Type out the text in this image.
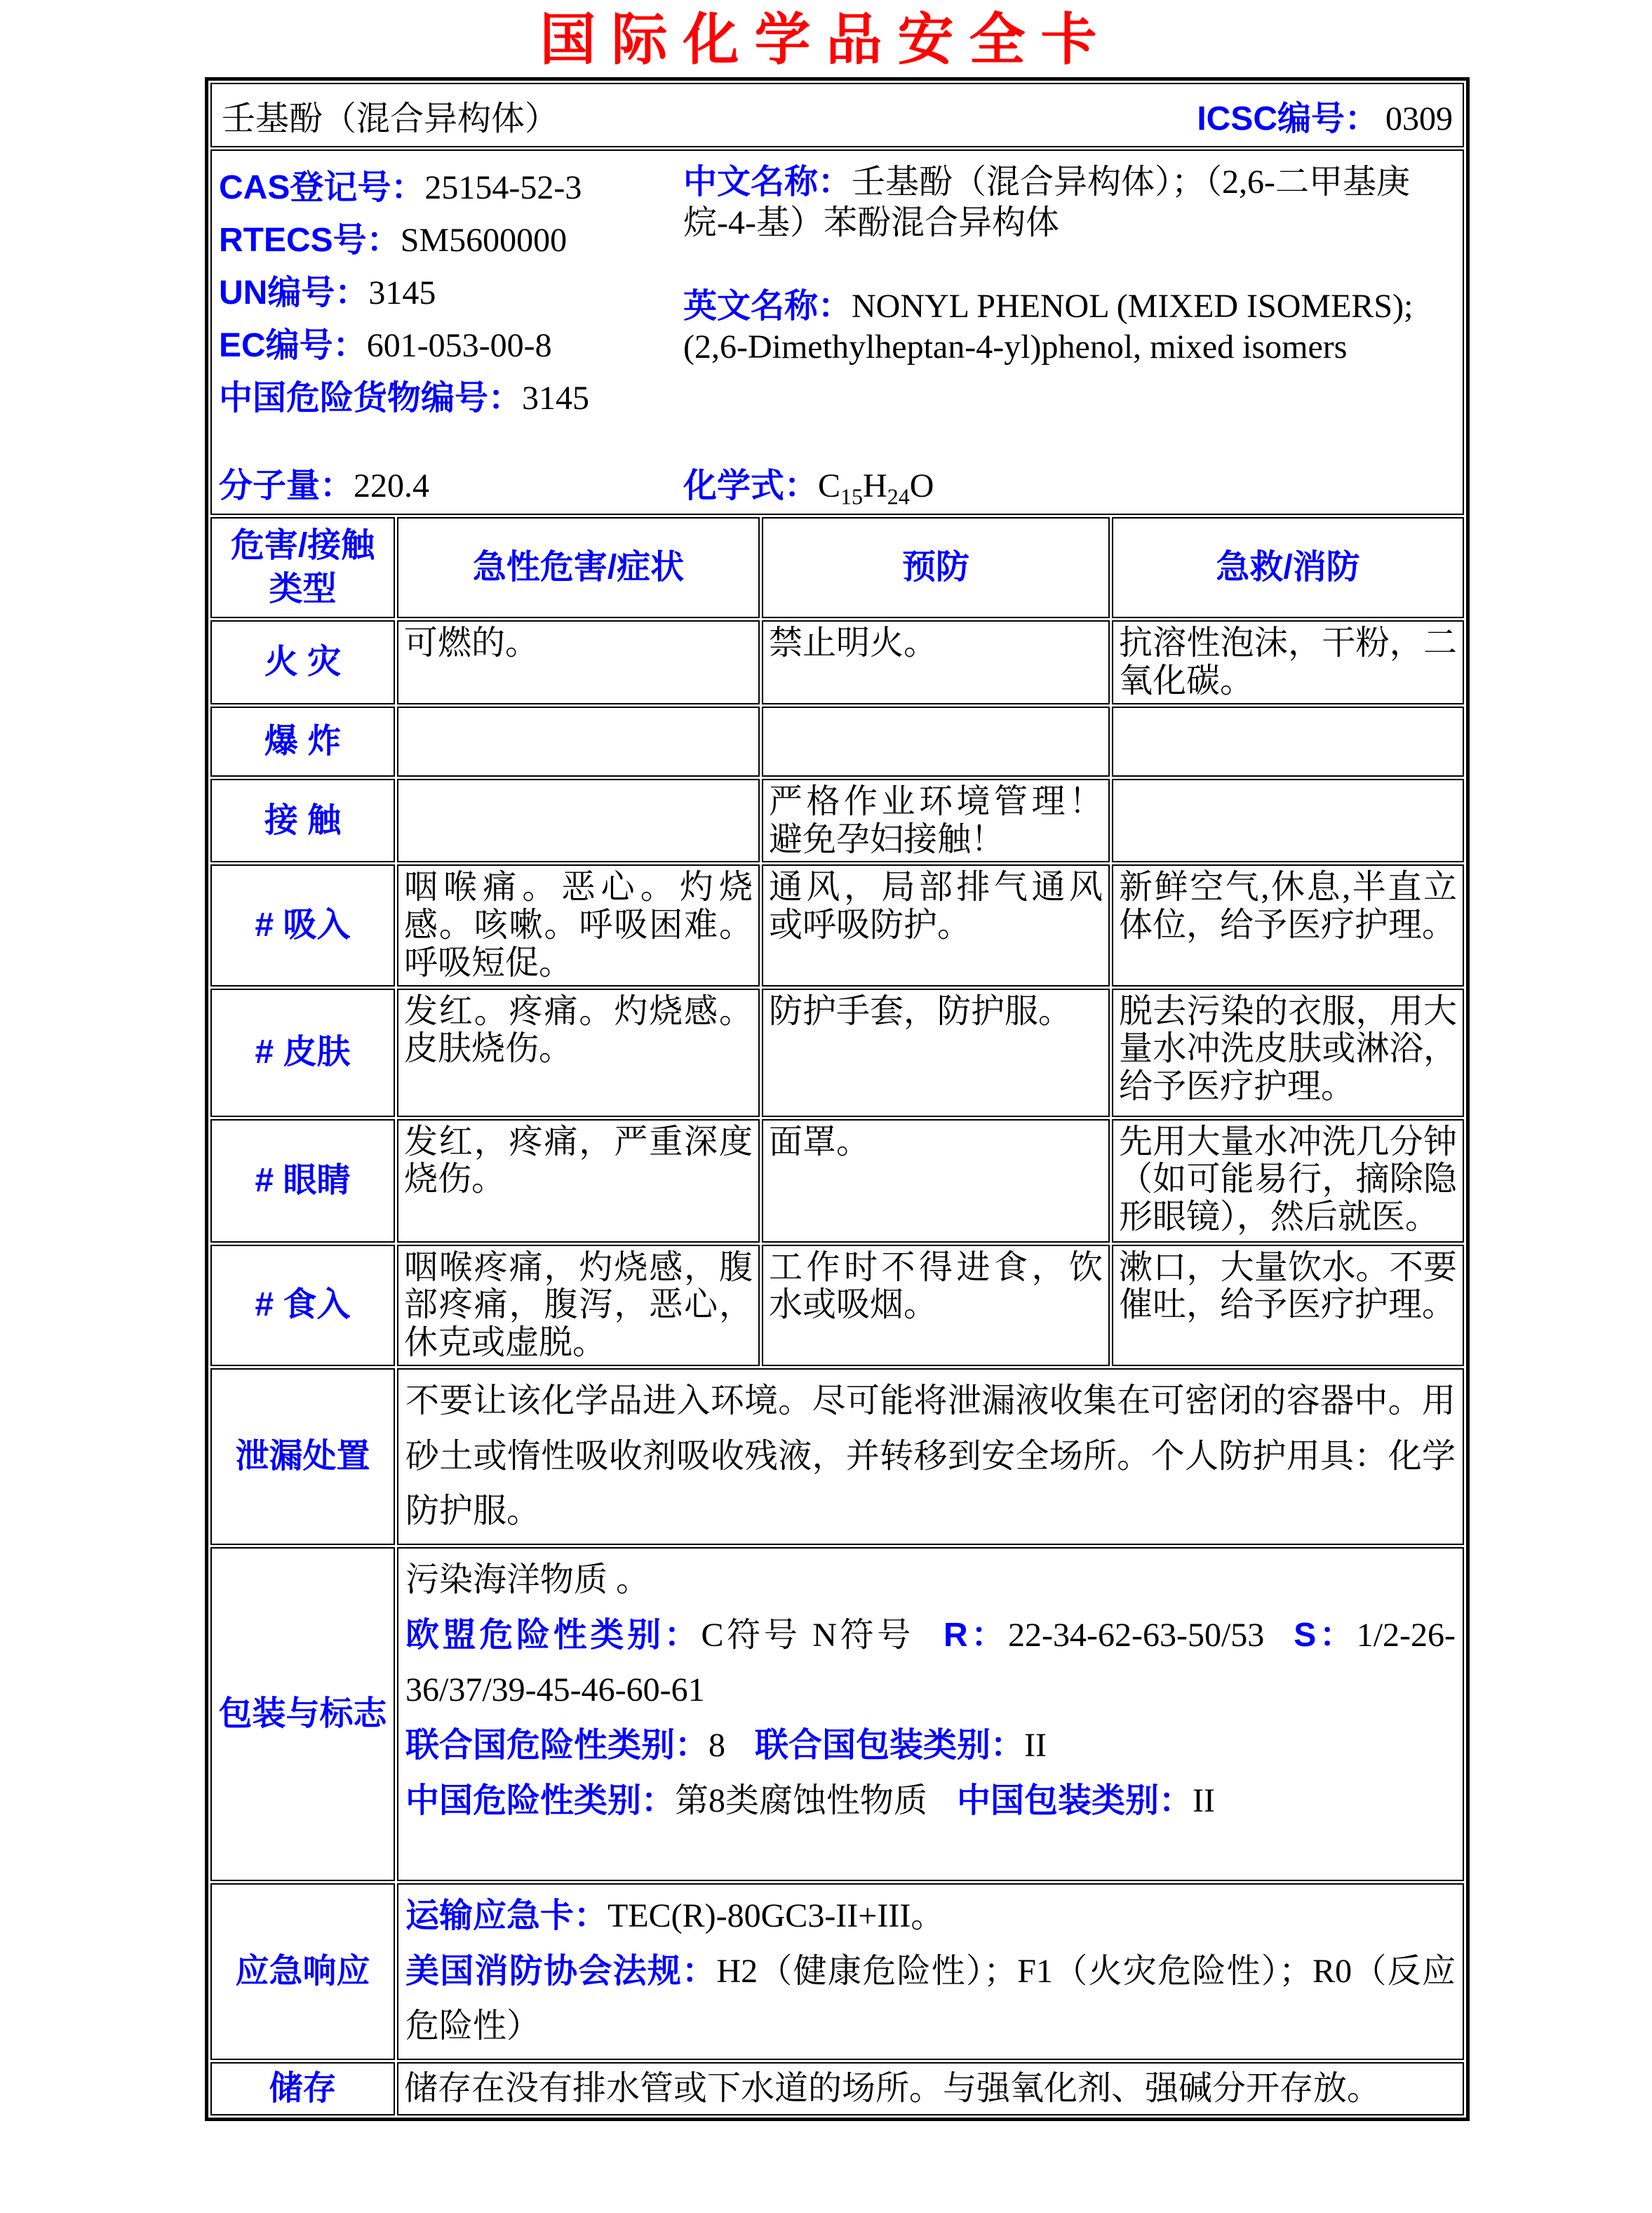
国际化学品安全卡
壬基酚（混合异构体） ICSC编号： 0309			

CAS登记号：25154-52-3
RTECS号：SM5600000
UN编号：3145
EC编号：601-053-00-8
中国危险货物编号：3145

中文名称：壬基酚（混合异构体）；（2,6-二甲基庚烷-4-基）苯酚混合异构体

英文名称：NONYL PHENOL (MIXED ISOMERS); (2,6-Dimethylheptan-4-yl)phenol, mixed isomers

分子量：220.4	化学式：$C_{15}H_{24}O$

危害/接触类型	急性危害/症状	预防	急救/消防
火 灾	可燃的。	禁止明火。	抗溶性泡沫，干粉，二氧化碳。
爆 炸			
接 触		严格作业环境管理！避免孕妇接触！	
# 吸入	咽喉痛。恶心。灼烧感。咳嗽。呼吸困难。呼吸短促。	通风，局部排气通风或呼吸防护。	新鲜空气,休息,半直立体位，给予医疗护理。
# 皮肤	发红。疼痛。灼烧感。皮肤烧伤。	防护手套，防护服。	脱去污染的衣服，用大量水冲洗皮肤或淋浴，给予医疗护理。
# 眼睛	发红，疼痛，严重深度烧伤。	面罩。	先用大量水冲洗几分钟（如可能易行，摘除隐形眼镜），然后就医。
# 食入	咽喉疼痛，灼烧感，腹部疼痛，腹泻，恶心，休克或虚脱。	工作时不得进食，饮水或吸烟。	漱口，大量饮水。不要催吐，给予医疗护理。
泄漏处置	不要让该化学品进入环境。尽可能将泄漏液收集在可密闭的容器中。用砂土或惰性吸收剂吸收残液，并转移到安全场所。个人防护用具：化学防护服。		

包装与标志	污染海洋物质 。
欧盟危险性类别：C符号 N符号 R：22-34-62-63-50/53 S：1/2-26-36/37/39-45-46-60-61
联合国危险性类别：8 联合国包装类别：II
中国危险性类别：第8类腐蚀性物质 中国包装类别：II		

应急响应	运输应急卡：TEC(R)-80GC3-II+III。
美国消防协会法规：H2（健康危险性）；F1（火灾危险性）；R0（反应危险性）		

储存	储存在没有排水管或下水道的场所。与强氧化剂、强碱分开存放。		
